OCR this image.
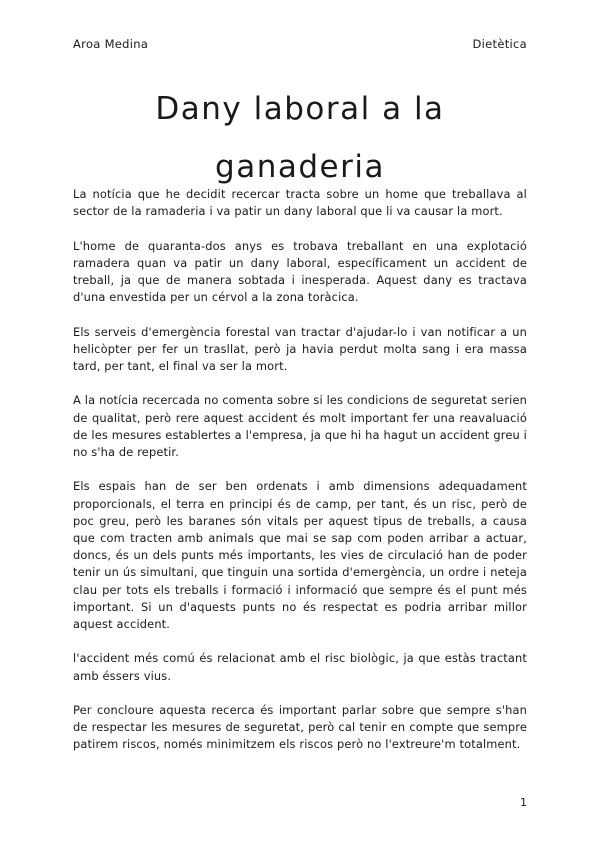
Aroa Medina	Dietètica
Dany laboral a la ganaderia

La notícia que he decidit recercar tracta sobre un home que treballava al sector de la ramaderia i va patir un dany laboral que li va causar la mort.

L'home de quaranta-dos anys es trobava treballant en una explotació ramadera quan va patir un dany laboral, específicament un accident de treball, ja que de manera sobtada i inesperada. Aquest dany es tractava d'una envestida per un cérvol a la zona toràcica.

Els serveis d'emergència forestal van tractar d'ajudar-lo i van notificar a un helicòpter per fer un trasllat, però ja havia perdut molta sang i era massa tard, per tant, el final va ser la mort.

A la notícia recercada no comenta sobre si les condicions de seguretat serien de qualitat, però rere aquest accident és molt important fer una reavaluació de les mesures establertes a l'empresa, ja que hi ha hagut un accident greu i no s'ha de repetir.

Els espais han de ser ben ordenats i amb dimensions adequadament proporcionals, el terra en principi és de camp, per tant, és un risc, però de poc greu, però les baranes són vitals per aquest tipus de treballs, a causa que com tracten amb animals que mai se sap com poden arribar a actuar, doncs, és un dels punts més importants, les vies de circulació han de poder tenir un ús simultani, que tinguin una sortida d'emergència, un ordre i neteja clau per tots els treballs i formació i informació que sempre és el punt més important. Si un d'aquests punts no és respectat es podria arribar millor aquest accident.

l'accident més comú és relacionat amb el risc biològic, ja que estàs tractant amb éssers vius.

Per concloure aquesta recerca és important parlar sobre que sempre s'han de respectar les mesures de seguretat, però cal tenir en compte que sempre patirem riscos, només minimitzem els riscos però no l'extreure'm totalment.

1
